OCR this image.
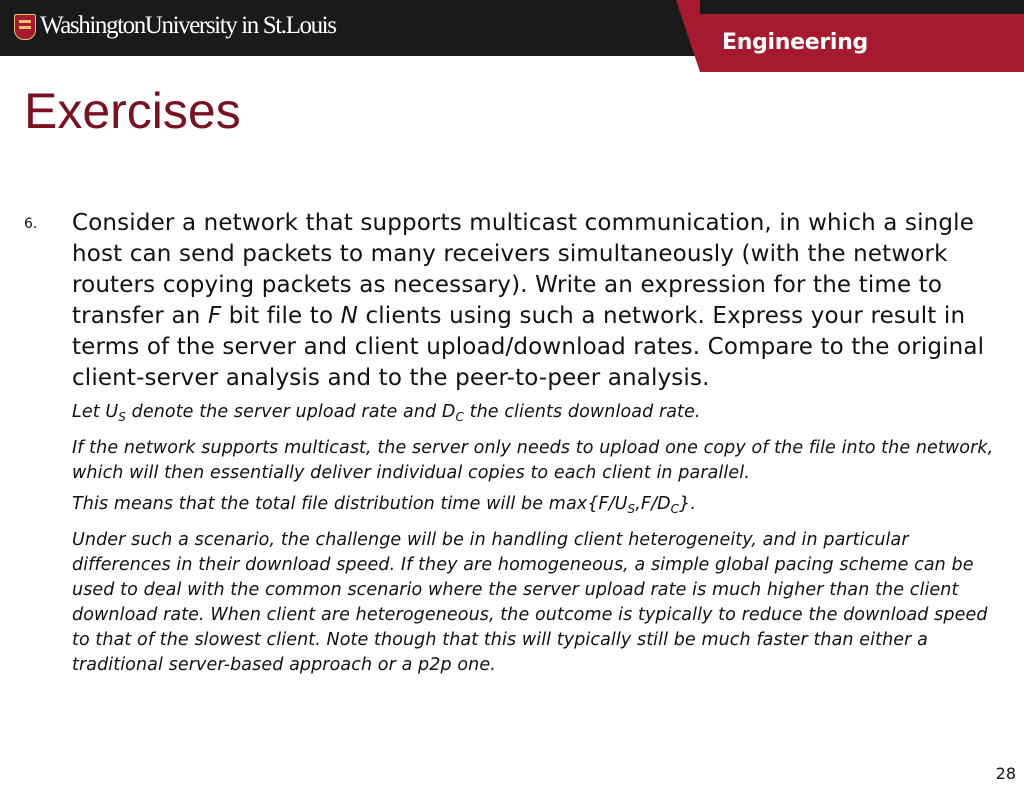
WashingtonUniversity in St.Louis
Engineering
Exercises
6. Consider a network that supports multicast communication, in which a single host can send packets to many receivers simultaneously (with the network routers copying packets as necessary). Write an expression for the time to transfer an F bit file to N clients using such a network. Express your result in terms of the server and client upload/download rates. Compare to the original client-server analysis and to the peer-to-peer analysis.

Let $U_S$ denote the server upload rate and $D_C$ the clients download rate.

If the network supports multicast, the server only needs to upload one copy of the file into the network, which will then essentially deliver individual copies to each client in parallel.

This means that the total file distribution time will be $\max\{F/U_S,F/D_C\}$.

Under such a scenario, the challenge will be in handling client heterogeneity, and in particular differences in their download speed. If they are homogeneous, a simple global pacing scheme can be used to deal with the common scenario where the server upload rate is much higher than the client download rate. When client are heterogeneous, the outcome is typically to reduce the download speed to that of the slowest client. Note though that this will typically still be much faster than either a traditional server-based approach or a p2p one.

28
